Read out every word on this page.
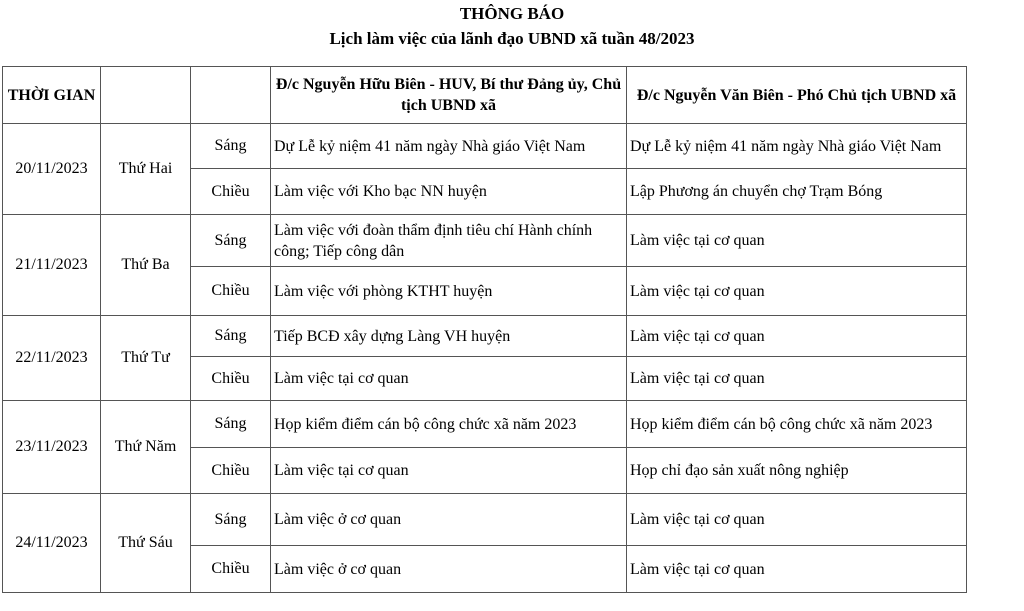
THÔNG BÁO
Lịch làm việc của lãnh đạo UBND xã tuần 48/2023
THỜI GIAN			Đ/c Nguyễn Hữu Biên - HUV, Bí thư Đảng ủy, Chủ tịch UBND xã	Đ/c Nguyễn Văn Biên - Phó Chủ tịch UBND xã
20/11/2023	Thứ Hai	Sáng	Dự Lễ kỷ niệm 41 năm ngày Nhà giáo Việt Nam	Dự Lễ kỷ niệm 41 năm ngày Nhà giáo Việt Nam
		Chiều	Làm việc với Kho bạc NN huyện	Lập Phương án chuyển chợ Trạm Bóng
21/11/2023	Thứ Ba	Sáng	Làm việc với đoàn thẩm định tiêu chí Hành chính công; Tiếp công dân	Làm việc tại cơ quan
		Chiều	Làm việc với phòng KTHT huyện	Làm việc tại cơ quan
22/11/2023	Thứ Tư	Sáng	Tiếp BCĐ xây dựng Làng VH huyện	Làm việc tại cơ quan
		Chiều	Làm việc tại cơ quan	Làm việc tại cơ quan
23/11/2023	Thứ Năm	Sáng	Họp kiểm điểm cán bộ công chức xã năm 2023	Họp kiểm điểm cán bộ công chức xã năm 2023
		Chiều	Làm việc tại cơ quan	Họp chỉ đạo sản xuất nông nghiệp
24/11/2023	Thứ Sáu	Sáng	Làm việc ở cơ quan	Làm việc tại cơ quan
		Chiều	Làm việc ở cơ quan	Làm việc tại cơ quan
